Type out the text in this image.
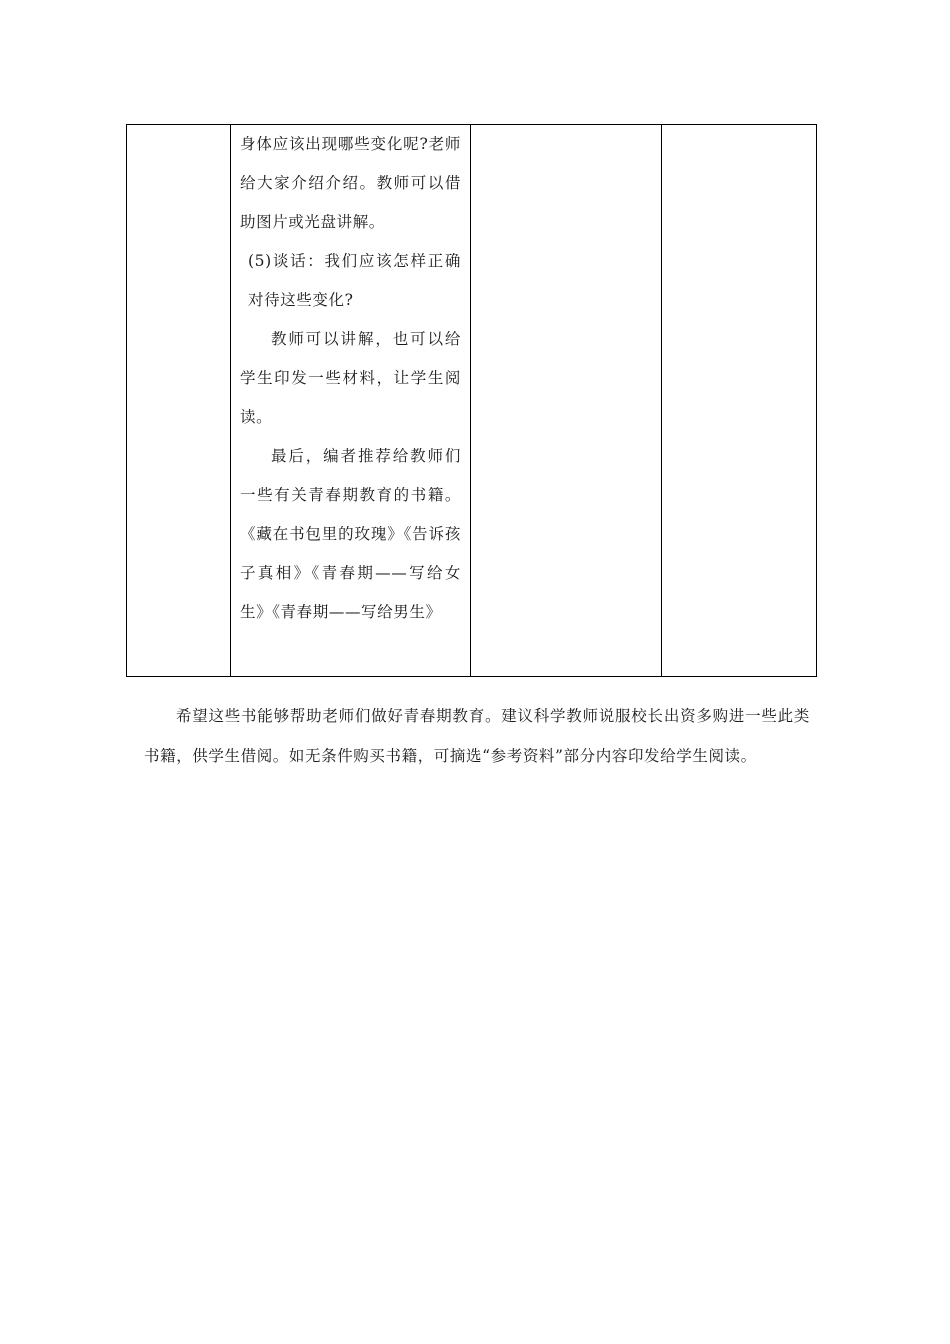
身体应该出现哪些变化呢?老师给大家介绍介绍。教师可以借助图片或光盘讲解。

(5)谈话：我们应该怎样正确对待这些变化?

教师可以讲解，也可以给学生印发一些材料，让学生阅读。

最后，编者推荐给教师们一些有关青春期教育的书籍。《藏在书包里的玫瑰》《告诉孩子真相》《青春期——写给女生》《青春期——写给男生》

希望这些书能够帮助老师们做好青春期教育。建议科学教师说服校长出资多购进一些此类书籍，供学生借阅。如无条件购买书籍，可摘选“参考资料”部分内容印发给学生阅读。
